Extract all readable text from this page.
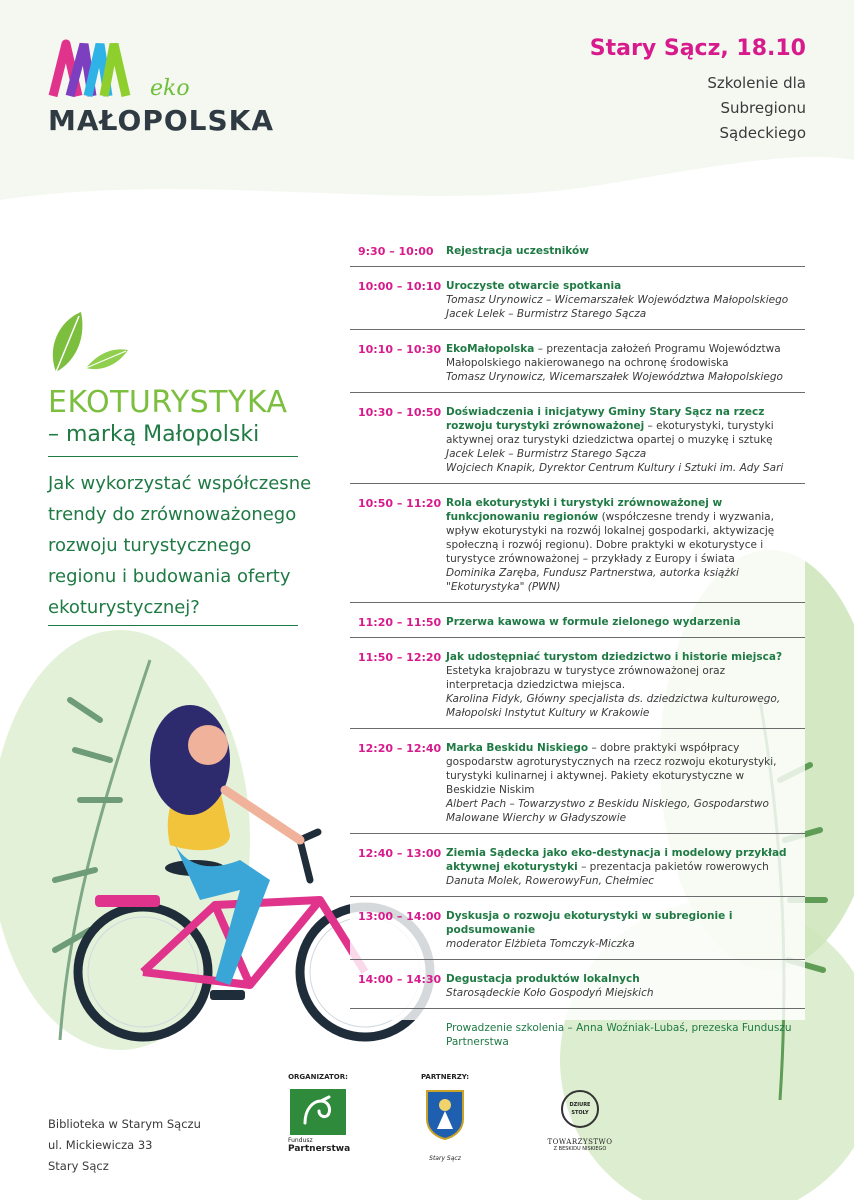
eko
MAŁOPOLSKA
Stary Sącz, 18.10
Szkolenie dla
Subregionu
Sądeckiego
EKOTURYSTYKA
– marką Małopolski
Jak wykorzystać współczesne trendy do zrównoważonego rozwoju turystycznego regionu i budowania oferty ekoturystycznej?
9:30 – 10:00	Rejestracja uczestników
10:00 – 10:10 Uroczyste otwarcie spotkania
Tomasz Urynowicz – Wicemarszałek Województwa Małopolskiego
Jacek Lelek – Burmistrz Starego Sącza
10:10 – 10:30 EkoMałopolska – prezentacja założeń Programu Województwa Małopolskiego nakierowanego na ochronę środowiska
Tomasz Urynowicz, Wicemarszałek Województwa Małopolskiego
10:30 – 10:50 Doświadczenia i inicjatywy Gminy Stary Sącz na rzecz rozwoju turystyki zrównoważonej – ekoturystyki, turystyki aktywnej oraz turystyki dziedzictwa opartej o muzykę i sztukę
Jacek Lelek – Burmistrz Starego Sącza
Wojciech Knapik, Dyrektor Centrum Kultury i Sztuki im. Ady Sari
10:50 – 11:20 Rola ekoturystyki i turystyki zrównoważonej w funkcjonowaniu regionów (współczesne trendy i wyzwania, wpływ ekoturystyki na rozwój lokalnej gospodarki, aktywizację społeczną i rozwój regionu). Dobre praktyki w ekoturystyce i turystyce zrównoważonej – przykłady z Europy i świata
Dominika Zaręba, Fundusz Partnerstwa, autorka książki "Ekoturystyka" (PWN)
11:20 – 11:50 Przerwa kawowa w formule zielonego wydarzenia
11:50 – 12:20 Jak udostępniać turystom dziedzictwo i historie miejsca? Estetyka krajobrazu w turystyce zrównoważonej oraz interpretacja dziedzictwa miejsca.
Karolina Fidyk, Główny specjalista ds. dziedzictwa kulturowego, Małopolski Instytut Kultury w Krakowie
12:20 – 12:40 Marka Beskidu Niskiego – dobre praktyki współpracy gospodarstw agroturystycznych na rzecz rozwoju ekoturystyki, turystyki kulinarnej i aktywnej. Pakiety ekoturystyczne w Beskidzie Niskim
Albert Pach – Towarzystwo z Beskidu Niskiego, Gospodarstwo Malowane Wierchy w Gładyszowie
12:40 – 13:00 Ziemia Sądecka jako eko-destynacja i modelowy przykład aktywnej ekoturystyki – prezentacja pakietów rowerowych
Danuta Molek, RowerowyFun, Chełmiec
13:00 – 14:00 Dyskusja o rozwoju ekoturystyki w subregionie i podsumowanie
moderator Elżbieta Tomczyk-Miczka
14:00 – 14:30 Degustacja produktów lokalnych
Starosądeckie Koło Gospodyń Miejskich
Prowadzenie szkolenia – Anna Woźniak-Lubaś, prezeska Funduszu Partnerstwa
Biblioteka w Starym Sączu
ul. Mickiewicza 33
Stary Sącz
ORGANIZATOR:
Fundusz
Partnerstwa
PARTNERZY:
Stary Sącz
DZIURE STOLY
TOWARZYSTWO
Z BESKIDU NISKIEGO
